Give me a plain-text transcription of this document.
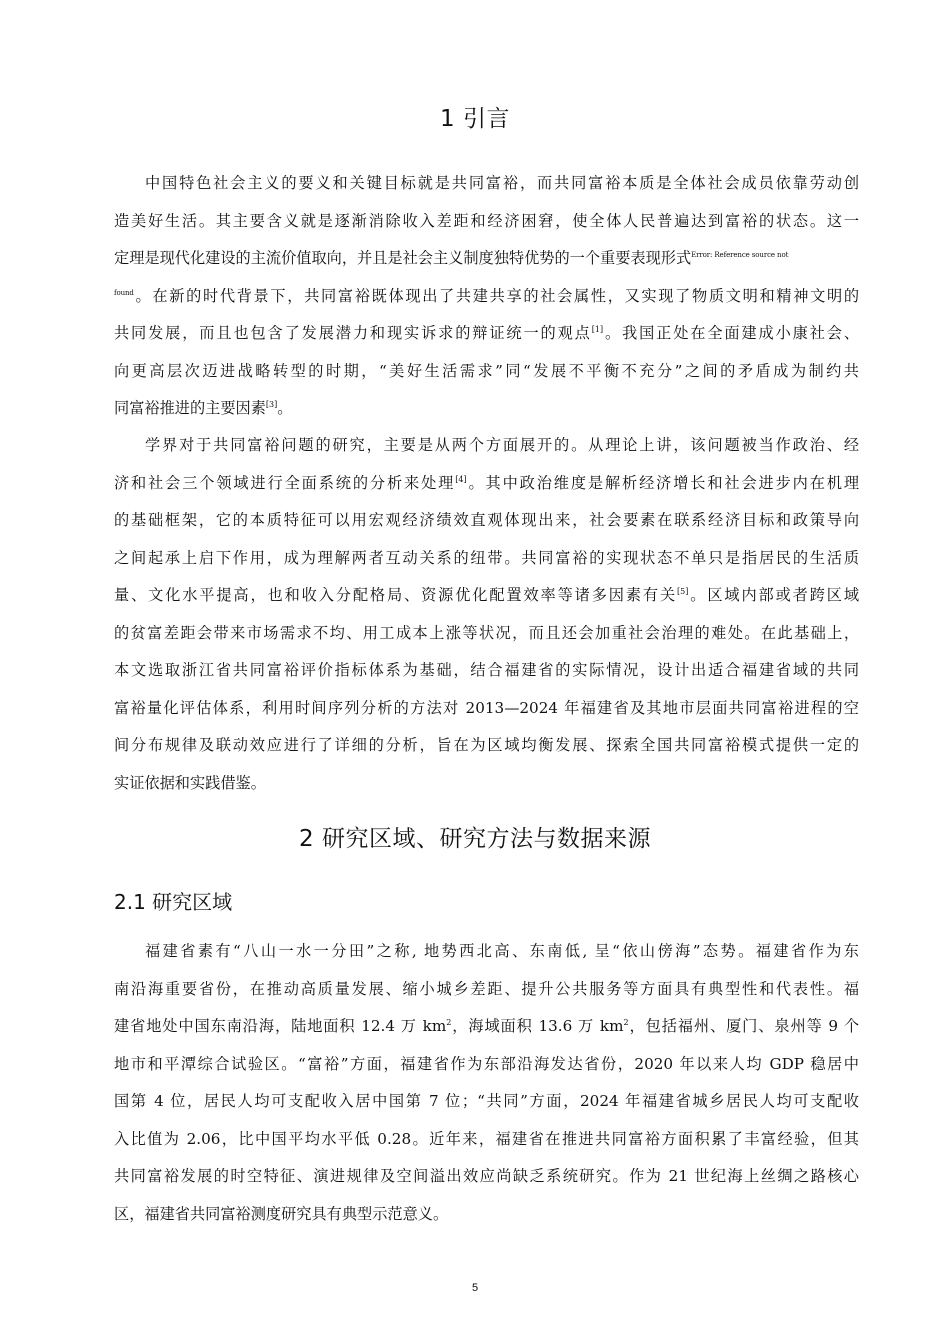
1 引言
中国特色社会主义的要义和关键目标就是共同富裕，而共同富裕本质是全体社会成员依靠劳动创
造美好生活。其主要含义就是逐渐消除收入差距和经济困窘，使全体人民普遍达到富裕的状态。这一
定理是现代化建设的主流价值取向，并且是社会主义制度独特优势的一个重要表现形式$^{Error: Reference source not}$
$^{found}$。在新的时代背景下，共同富裕既体现出了共建共享的社会属性，又实现了物质文明和精神文明的
共同发展，而且也包含了发展潜力和现实诉求的辩证统一的观点[1]。我国正处在全面建成小康社会、
向更高层次迈进战略转型的时期，“美好生活需求”同“发展不平衡不充分”之间的矛盾成为制约共
同富裕推进的主要因素[3]。
学界对于共同富裕问题的研究，主要是从两个方面展开的。从理论上讲，该问题被当作政治、经
济和社会三个领域进行全面系统的分析来处理[4]。其中政治维度是解析经济增长和社会进步内在机理
的基础框架，它的本质特征可以用宏观经济绩效直观体现出来，社会要素在联系经济目标和政策导向
之间起承上启下作用，成为理解两者互动关系的纽带。共同富裕的实现状态不单只是指居民的生活质
量、文化水平提高，也和收入分配格局、资源优化配置效率等诸多因素有关[5]。区域内部或者跨区域
的贫富差距会带来市场需求不均、用工成本上涨等状况，而且还会加重社会治理的难处。在此基础上，
本文选取浙江省共同富裕评价指标体系为基础，结合福建省的实际情况，设计出适合福建省域的共同
富裕量化评估体系，利用时间序列分析的方法对 2013—2024 年福建省及其地市层面共同富裕进程的空
间分布规律及联动效应进行了详细的分析，旨在为区域均衡发展、探索全国共同富裕模式提供一定的
实证依据和实践借鉴。
2 研究区域、研究方法与数据来源
2.1 研究区域
福建省素有“八山一水一分田”之称, 地势西北高、东南低, 呈“依山傍海”态势。福建省作为东
南沿海重要省份，在推动高质量发展、缩小城乡差距、提升公共服务等方面具有典型性和代表性。福
建省地处中国东南沿海，陆地面积 12.4 万 $km^2$，海域面积 13.6 万 $km^2$，包括福州、厦门、泉州等 9 个
地市和平潭综合试验区。“富裕”方面，福建省作为东部沿海发达省份，2020 年以来人均 GDP 稳居中
国第 4 位，居民人均可支配收入居中国第 7 位；“共同”方面，2024 年福建省城乡居民人均可支配收
入比值为 2.06，比中国平均水平低 0.28。近年来，福建省在推进共同富裕方面积累了丰富经验，但其
共同富裕发展的时空特征、演进规律及空间溢出效应尚缺乏系统研究。作为 21 世纪海上丝绸之路核心
区，福建省共同富裕测度研究具有典型示范意义。
5
